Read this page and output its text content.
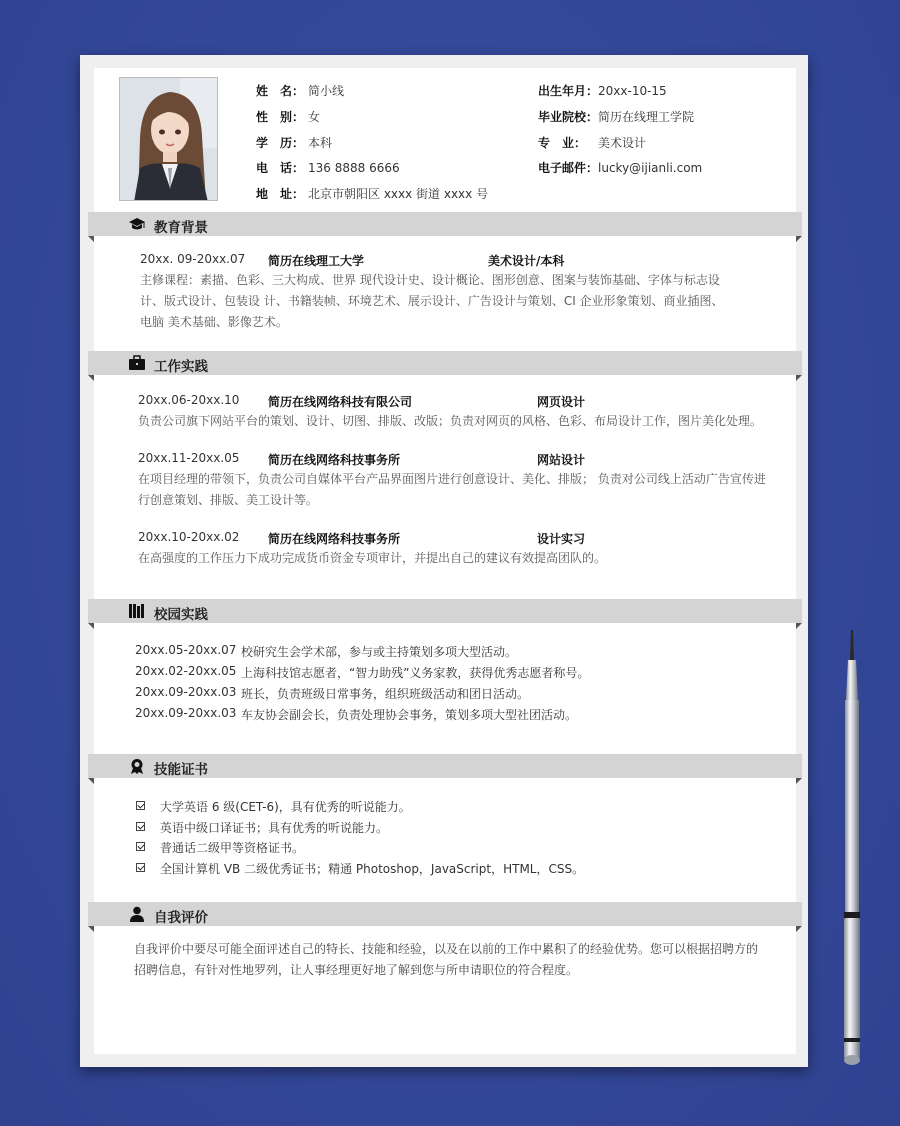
姓　名： 简小线
性　别： 女
学　历： 本科
电　话： 136 8888 6666
地　址： 北京市朝阳区 xxxx 街道 xxxx 号
出生年月：20xx-10-15
毕业院校：简历在线理工学院
专　业： 美术设计
电子邮件：lucky@ijianli.com
教育背景
20xx. 09-20xx.07 简历在线理工大学	美术设计/本科
主修课程：素描、色彩、三大构成、世界 现代设计史、设计概论、图形创意、图案与装饰基础、字体与标志设
计、版式设计、包装设 计、书籍装帧、环境艺术、展示设计、广告设计与策划、CI 企业形象策划、商业插图、
电脑 美术基础、影像艺术。
工作实践
20xx.06-20xx.10 简历在线网络科技有限公司	网页设计
负责公司旗下网站平台的策划、设计、切图、排版、改版；负责对网页的风格、色彩、布局设计工作，图片美化处理。
20xx.11-20xx.05 简历在线网络科技事务所	网站设计
在项目经理的带领下，负责公司自媒体平台产品界面图片进行创意设计、美化、排版； 负责对公司线上活动广告宣传进
行创意策划、排版、美工设计等。
20xx.10-20xx.02 简历在线网络科技事务所	设计实习
在高强度的工作压力下成功完成货币资金专项审计，并提出自己的建议有效提高团队的。
校园实践
20xx.05-20xx.07 校研究生会学术部，参与或主持策划多项大型活动。
20xx.02-20xx.05 上海科技馆志愿者，“智力助残”义务家教，获得优秀志愿者称号。
20xx.09-20xx.03 班长，负责班级日常事务，组织班级活动和团日活动。
20xx.09-20xx.03 车友协会副会长，负责处理协会事务，策划多项大型社团活动。
技能证书
大学英语 6 级(CET-6)，具有优秀的听说能力。
英语中级口译证书；具有优秀的听说能力。
普通话二级甲等资格证书。
全国计算机 VB 二级优秀证书；精通 Photoshop，JavaScript，HTML，CSS。
自我评价
自我评价中要尽可能全面评述自己的特长、技能和经验，以及在以前的工作中累积了的经验优势。您可以根据招聘方的
招聘信息，有针对性地罗列，让人事经理更好地了解到您与所申请职位的符合程度。
